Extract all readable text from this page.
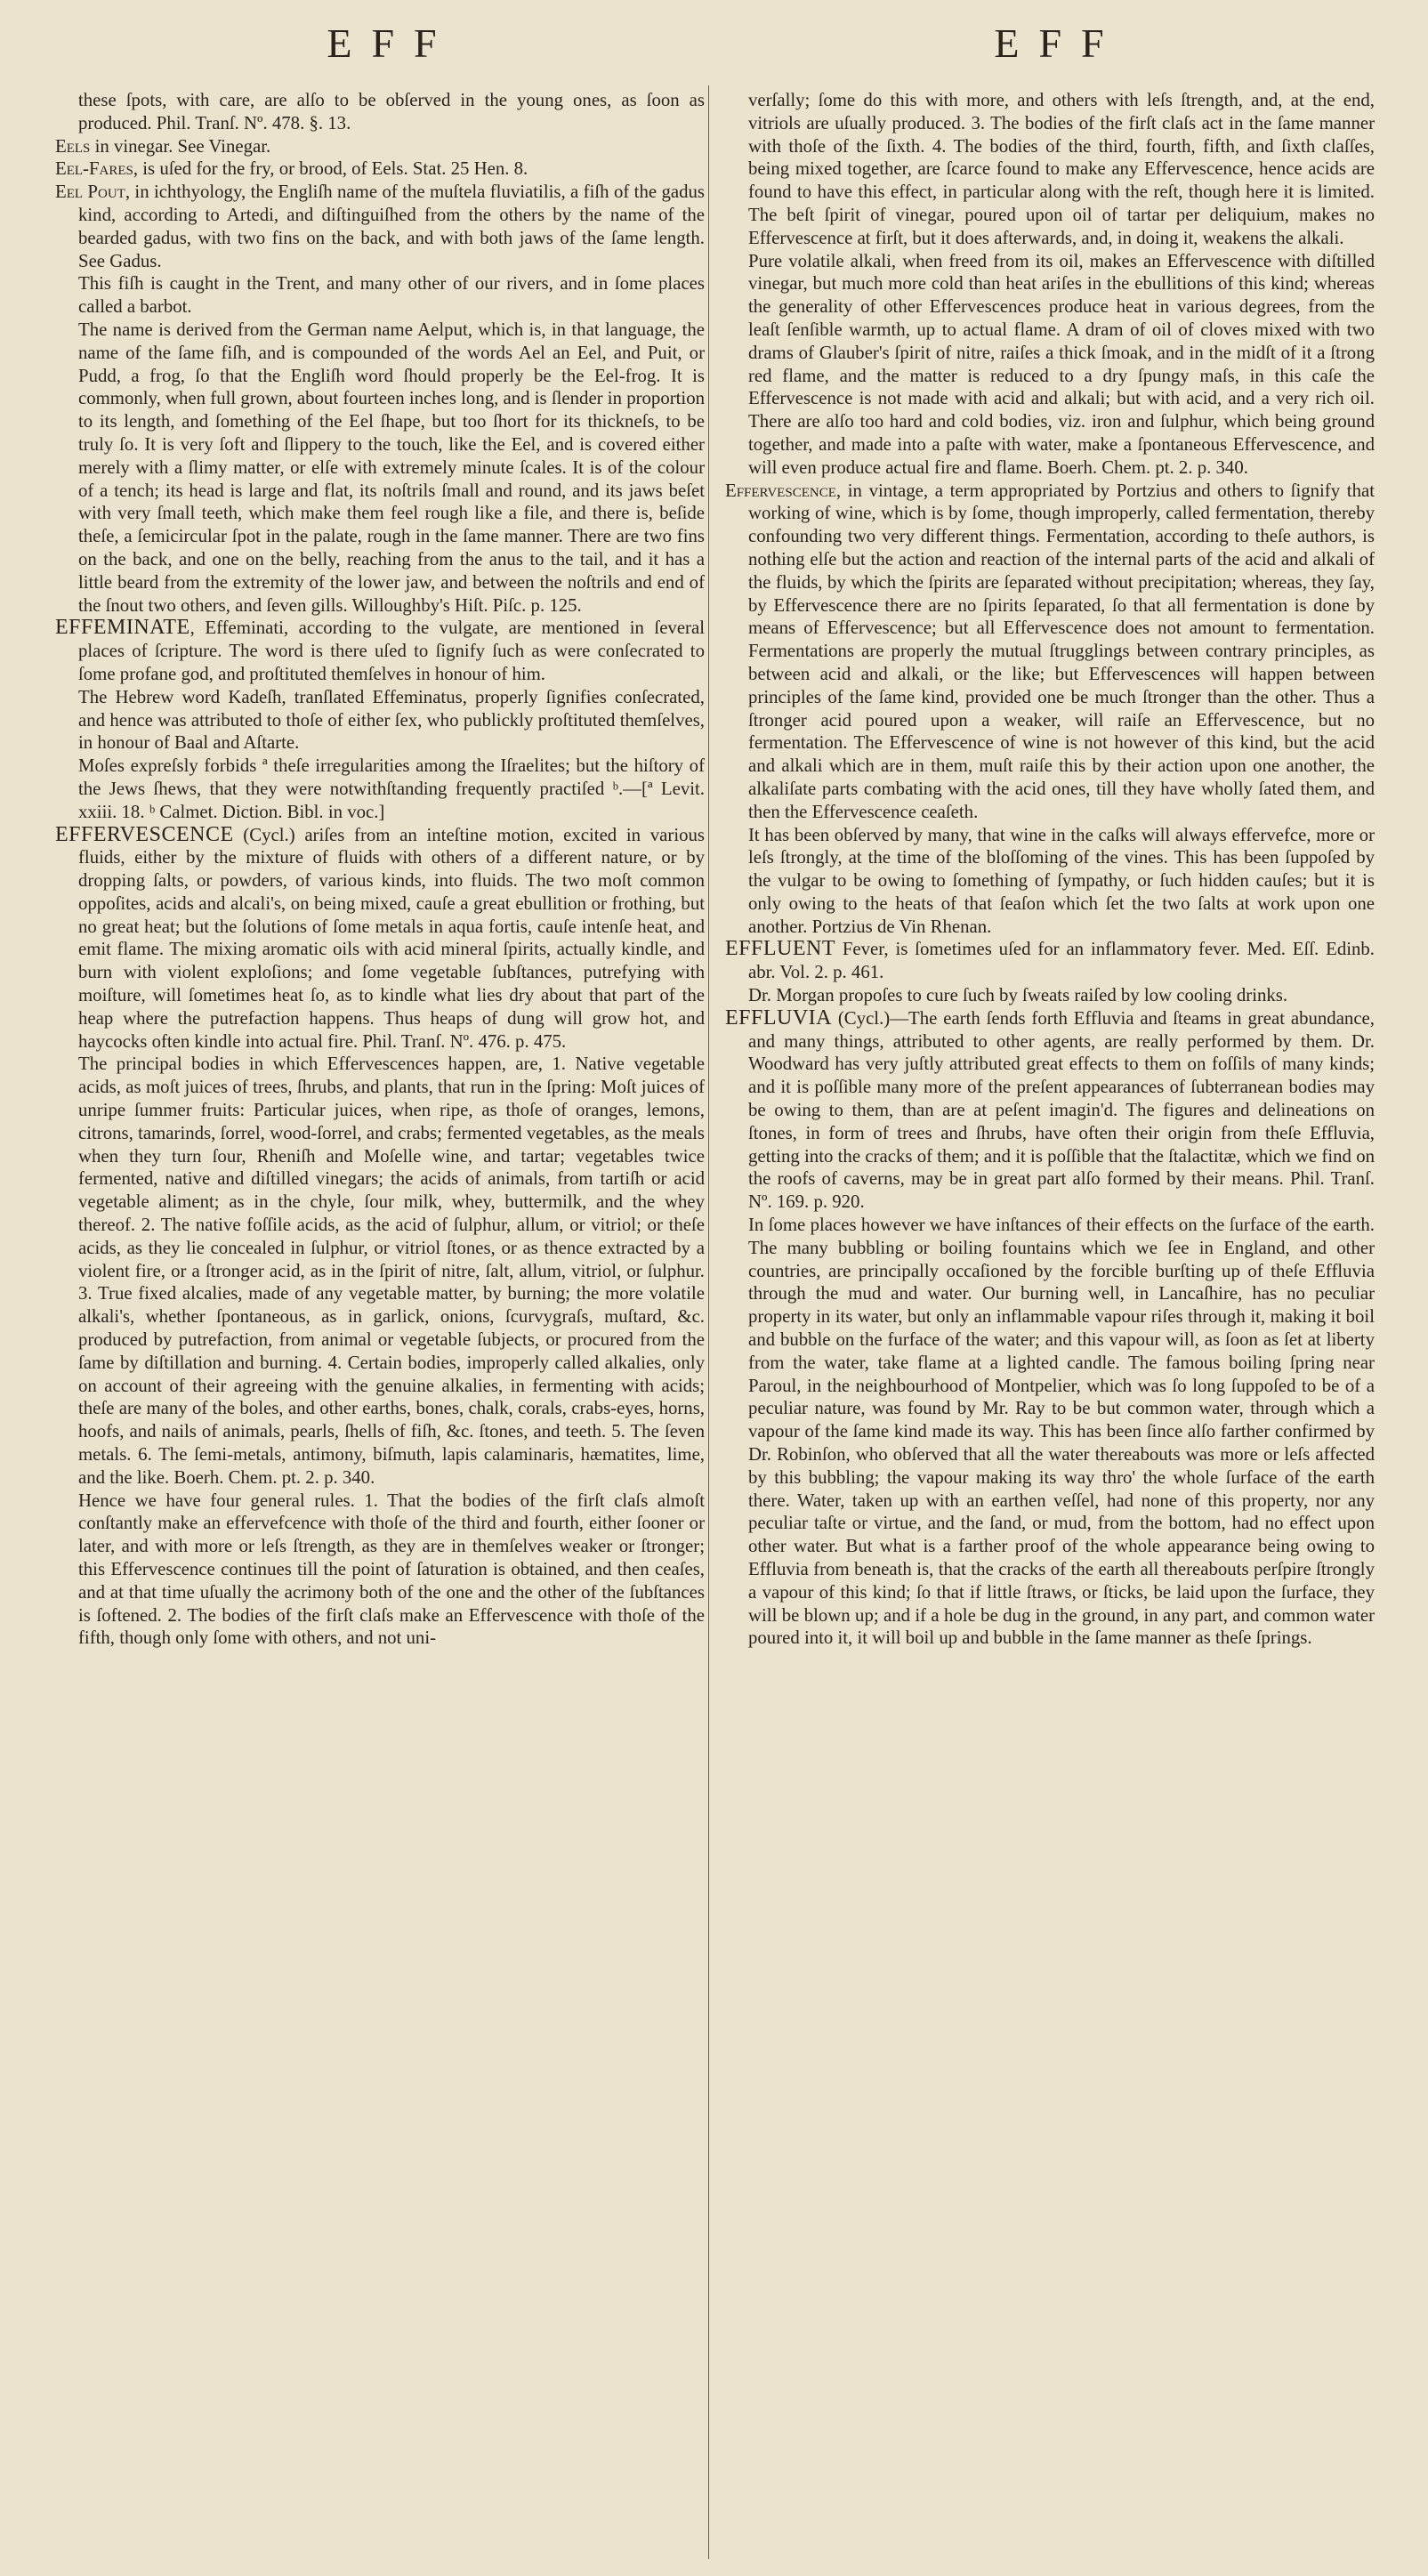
EFF	EFF

these ſpots, with care, are alſo to be obſerved in the young ones, as ſoon as produced. Phil. Tranſ. Nº. 478. §. 13.

Eels in vinegar. See Vinegar.

Eel-Fares, is uſed for the fry, or brood, of Eels. Stat. 25 Hen. 8.

Eel Pout, in ichthyology, the Engliſh name of the muſtela fluviatilis, a fiſh of the gadus kind, according to Artedi, and diſtinguiſhed from the others by the name of the bearded gadus, with two fins on the back, and with both jaws of the ſame length. See Gadus.

This fiſh is caught in the Trent, and many other of our rivers, and in ſome places called a barbot.

The name is derived from the German name Aelput, which is, in that language, the name of the ſame fiſh, and is compounded of the words Ael an Eel, and Puit, or Pudd, a frog, ſo that the Engliſh word ſhould properly be the Eel-frog. It is commonly, when full grown, about fourteen inches long, and is ſlender in proportion to its length, and ſomething of the Eel ſhape, but too ſhort for its thickneſs, to be truly ſo. It is very ſoft and ſlippery to the touch, like the Eel, and is covered either merely with a ſlimy matter, or elſe with extremely minute ſcales. It is of the colour of a tench; its head is large and flat, its noſtrils ſmall and round, and its jaws beſet with very ſmall teeth, which make them feel rough like a file, and there is, beſide theſe, a ſemicircular ſpot in the palate, rough in the ſame manner. There are two fins on the back, and one on the belly, reaching from the anus to the tail, and it has a little beard from the extremity of the lower jaw, and between the noſtrils and end of the ſnout two others, and ſeven gills. Willoughby's Hiſt. Piſc. p. 125.

EFFEMINATE, Effeminati, according to the vulgate, are mentioned in ſeveral places of ſcripture. The word is there uſed to ſignify ſuch as were conſecrated to ſome profane god, and proſtituted themſelves in honour of him.

The Hebrew word Kadeſh, tranſlated Effeminatus, properly ſignifies conſecrated, and hence was attributed to thoſe of either ſex, who publickly proſtituted themſelves, in honour of Baal and Aſtarte.

Moſes expreſsly forbids ª theſe irregularities among the Iſraelites; but the hiſtory of the Jews ſhews, that they were notwithſtanding frequently practiſed ᵇ.—[ª Levit. xxiii. 18. ᵇ Calmet. Diction. Bibl. in voc.]

EFFERVESCENCE (Cycl.) ariſes from an inteſtine motion, excited in various fluids, either by the mixture of fluids with others of a different nature, or by dropping ſalts, or powders, of various kinds, into fluids. The two moſt common oppoſites, acids and alcali's, on being mixed, cauſe a great ebullition or frothing, but no great heat; but the ſolutions of ſome metals in aqua fortis, cauſe intenſe heat, and emit flame. The mixing aromatic oils with acid mineral ſpirits, actually kindle, and burn with violent exploſions; and ſome vegetable ſubſtances, putrefying with moiſture, will ſometimes heat ſo, as to kindle what lies dry about that part of the heap where the putrefaction happens. Thus heaps of dung will grow hot, and haycocks often kindle into actual fire. Phil. Tranſ. Nº. 476. p. 475.

The principal bodies in which Effervescences happen, are, 1. Native vegetable acids, as moſt juices of trees, ſhrubs, and plants, that run in the ſpring: Moſt juices of unripe ſummer fruits: Particular juices, when ripe, as thoſe of oranges, lemons, citrons, tamarinds, ſorrel, wood-ſorrel, and crabs; fermented vegetables, as the meals when they turn ſour, Rheniſh and Moſelle wine, and tartar; vegetables twice fermented, native and diſtilled vinegars; the acids of animals, from tartiſh or acid vegetable aliment; as in the chyle, ſour milk, whey, buttermilk, and the whey thereof. 2. The native foſſile acids, as the acid of ſulphur, allum, or vitriol; or theſe acids, as they lie concealed in ſulphur, or vitriol ſtones, or as thence extracted by a violent fire, or a ſtronger acid, as in the ſpirit of nitre, ſalt, allum, vitriol, or ſulphur. 3. True fixed alcalies, made of any vegetable matter, by burning; the more volatile alkali's, whether ſpontaneous, as in garlick, onions, ſcurvygraſs, muſtard, &c. produced by putrefaction, from animal or vegetable ſubjects, or procured from the ſame by diſtillation and burning. 4. Certain bodies, improperly called alkalies, only on account of their agreeing with the genuine alkalies, in fermenting with acids; theſe are many of the boles, and other earths, bones, chalk, corals, crabs-eyes, horns, hoofs, and nails of animals, pearls, ſhells of fiſh, &c. ſtones, and teeth. 5. The ſeven metals. 6. The ſemi-metals, antimony, biſmuth, lapis calaminaris, hæmatites, lime, and the like. Boerh. Chem. pt. 2. p. 340.

Hence we have four general rules. 1. That the bodies of the firſt claſs almoſt conſtantly make an effervefcence with thoſe of the third and fourth, either ſooner or later, and with more or leſs ſtrength, as they are in themſelves weaker or ſtronger; this Effervescence continues till the point of ſaturation is obtained, and then ceaſes, and at that time uſually the acrimony both of the one and the other of the ſubſtances is ſoftened. 2. The bodies of the firſt claſs make an Effervescence with thoſe of the fifth, though only ſome with others, and not uni-

verſally; ſome do this with more, and others with leſs ſtrength, and, at the end, vitriols are uſually produced. 3. The bodies of the firſt claſs act in the ſame manner with thoſe of the ſixth. 4. The bodies of the third, fourth, fifth, and ſixth claſſes, being mixed together, are ſcarce found to make any Effervescence, hence acids are found to have this effect, in particular along with the reſt, though here it is limited. The beſt ſpirit of vinegar, poured upon oil of tartar per deliquium, makes no Effervescence at firſt, but it does afterwards, and, in doing it, weakens the alkali.

Pure volatile alkali, when freed from its oil, makes an Effervescence with diſtilled vinegar, but much more cold than heat ariſes in the ebullitions of this kind; whereas the generality of other Effervescences produce heat in various degrees, from the leaſt ſenſible warmth, up to actual flame. A dram of oil of cloves mixed with two drams of Glauber's ſpirit of nitre, raiſes a thick ſmoak, and in the midſt of it a ſtrong red flame, and the matter is reduced to a dry ſpungy maſs, in this caſe the Effervescence is not made with acid and alkali; but with acid, and a very rich oil. There are alſo too hard and cold bodies, viz. iron and ſulphur, which being ground together, and made into a paſte with water, make a ſpontaneous Effervescence, and will even produce actual fire and flame. Boerh. Chem. pt. 2. p. 340.

Effervescence, in vintage, a term appropriated by Portzius and others to ſignify that working of wine, which is by ſome, though improperly, called fermentation, thereby confounding two very different things. Fermentation, according to theſe authors, is nothing elſe but the action and reaction of the internal parts of the acid and alkali of the fluids, by which the ſpirits are ſeparated without precipitation; whereas, they ſay, by Effervescence there are no ſpirits ſeparated, ſo that all fermentation is done by means of Effervescence; but all Effervescence does not amount to fermentation. Fermentations are properly the mutual ſtrugglings between contrary principles, as between acid and alkali, or the like; but Effervescences will happen between principles of the ſame kind, provided one be much ſtronger than the other. Thus a ſtronger acid poured upon a weaker, will raiſe an Effervescence, but no fermentation. The Effervescence of wine is not however of this kind, but the acid and alkali which are in them, muſt raiſe this by their action upon one another, the alkaliſate parts combating with the acid ones, till they have wholly ſated them, and then the Effervescence ceaſeth.

It has been obſerved by many, that wine in the caſks will always effervefce, more or leſs ſtrongly, at the time of the bloſſoming of the vines. This has been ſuppoſed by the vulgar to be owing to ſomething of ſympathy, or ſuch hidden cauſes; but it is only owing to the heats of that ſeaſon which ſet the two ſalts at work upon one another. Portzius de Vin Rhenan.

EFFLUENT Fever, is ſometimes uſed for an inflammatory fever. Med. Eſſ. Edinb. abr. Vol. 2. p. 461.

Dr. Morgan propoſes to cure ſuch by ſweats raiſed by low cooling drinks.

EFFLUVIA (Cycl.)—The earth ſends forth Effluvia and ſteams in great abundance, and many things, attributed to other agents, are really performed by them. Dr. Woodward has very juſtly attributed great effects to them on foſſils of many kinds; and it is poſſible many more of the preſent appearances of ſubterranean bodies may be owing to them, than are at peſent imagin'd. The figures and delineations on ſtones, in form of trees and ſhrubs, have often their origin from theſe Effluvia, getting into the cracks of them; and it is poſſible that the ſtalactitæ, which we find on the roofs of caverns, may be in great part alſo formed by their means. Phil. Tranſ. Nº. 169. p. 920.

In ſome places however we have inſtances of their effects on the ſurface of the earth. The many bubbling or boiling fountains which we ſee in England, and other countries, are principally occaſioned by the forcible burſting up of theſe Effluvia through the mud and water. Our burning well, in Lancaſhire, has no peculiar property in its water, but only an inflammable vapour riſes through it, making it boil and bubble on the furface of the water; and this vapour will, as ſoon as ſet at liberty from the water, take flame at a lighted candle. The famous boiling ſpring near Paroul, in the neighbourhood of Montpelier, which was ſo long ſuppoſed to be of a peculiar nature, was found by Mr. Ray to be but common water, through which a vapour of the ſame kind made its way. This has been ſince alſo farther confirmed by Dr. Robinſon, who obſerved that all the water thereabouts was more or leſs affected by this bubbling; the vapour making its way thro' the whole ſurface of the earth there. Water, taken up with an earthen veſſel, had none of this property, nor any peculiar taſte or virtue, and the ſand, or mud, from the bottom, had no effect upon other water. But what is a farther proof of the whole appearance being owing to Effluvia from beneath is, that the cracks of the earth all thereabouts perſpire ſtrongly a vapour of this kind; ſo that if little ſtraws, or ſticks, be laid upon the ſurface, they will be blown up; and if a hole be dug in the ground, in any part, and common water poured into it, it will boil up and bubble in the ſame manner as theſe ſprings.
